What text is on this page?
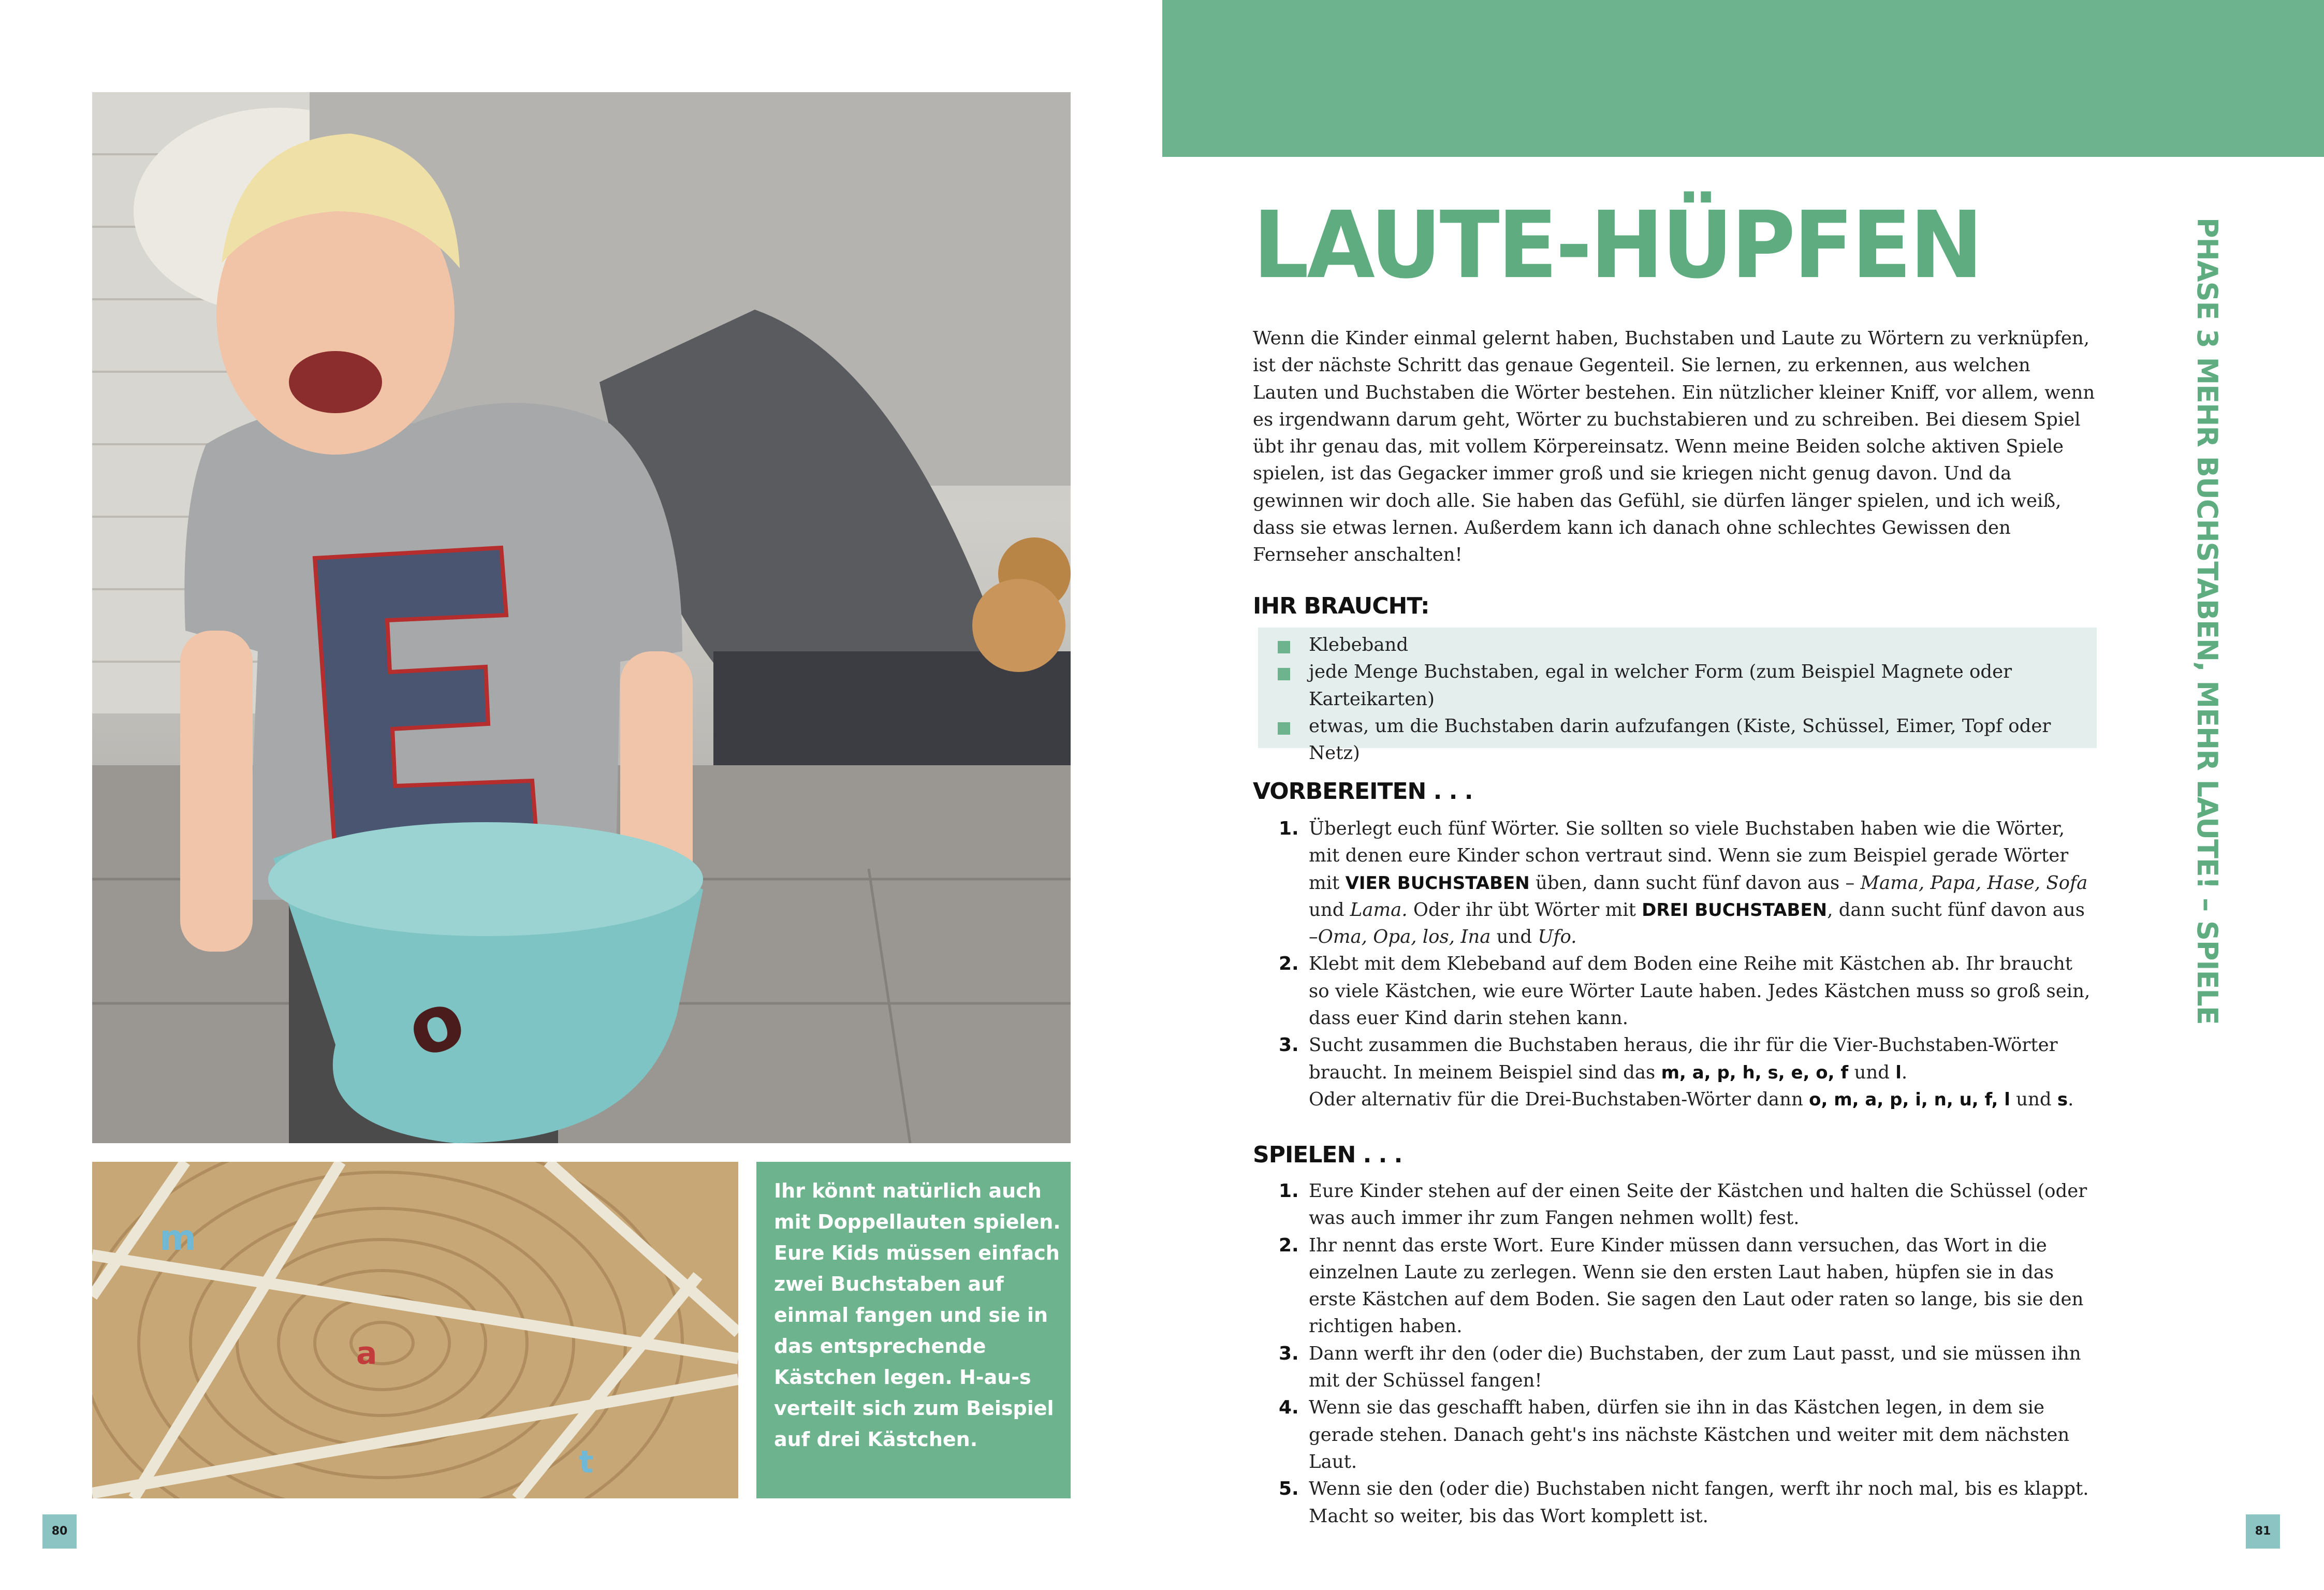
E
o
m
a
t
Ihr könnt natürlich auch mit Doppellauten spielen. Eure Kids müssen einfach zwei Buchstaben auf einmal fangen und sie in das entsprechende Kästchen legen. H-au-s verteilt sich zum Beispiel auf drei Kästchen.
80	81
LAUTE-HÜPFEN

Wenn die Kinder einmal gelernt haben, Buchstaben und Laute zu Wörtern zu verknüpfen, ist der nächste Schritt das genaue Gegenteil. Sie lernen, zu erkennen, aus welchen Lauten und Buchstaben die Wörter bestehen. Ein nützlicher kleiner Kniff, vor allem, wenn es irgendwann darum geht, Wörter zu buchstabieren und zu schreiben. Bei diesem Spiel übt ihr genau das, mit vollem Körpereinsatz. Wenn meine Beiden solche aktiven Spiele spielen, ist das Gegacker immer groß und sie kriegen nicht genug davon. Und da gewinnen wir doch alle. Sie haben das Gefühl, sie dürfen länger spielen, und ich weiß, dass sie etwas lernen. Außerdem kann ich danach ohne schlechtes Gewissen den Fernseher anschalten!

IHR BRAUCHT:
Klebeband
jede Menge Buchstaben, egal in welcher Form (zum Beispiel Magnete oder Karteikarten)
etwas, um die Buchstaben darin aufzufangen (Kiste, Schüssel, Eimer, Topf oder Netz)
VORBEREITEN . . .
1. Überlegt euch fünf Wörter. Sie sollten so viele Buchstaben haben wie die Wörter, mit denen eure Kinder schon vertraut sind. Wenn sie zum Beispiel gerade Wörter mit VIER BUCHSTABEN üben, dann sucht fünf davon aus – Mama, Papa, Hase, Sofa und Lama. Oder ihr übt Wörter mit DREI BUCHSTABEN, dann sucht fünf davon aus –Oma, Opa, los, Ina und Ufo.
2. Klebt mit dem Klebeband auf dem Boden eine Reihe mit Kästchen ab. Ihr braucht so viele Kästchen, wie eure Wörter Laute haben. Jedes Kästchen muss so groß sein, dass euer Kind darin stehen kann.
3. Sucht zusammen die Buchstaben heraus, die ihr für die Vier-Buchstaben-Wörter braucht. In meinem Beispiel sind das m, a, p, h, s, e, o, f und l.
Oder alternativ für die Drei-Buchstaben-Wörter dann o, m, a, p, i, n, u, f, l und s.
SPIELEN . . .
1. Eure Kinder stehen auf der einen Seite der Kästchen und halten die Schüssel (oder was auch immer ihr zum Fangen nehmen wollt) fest.
2. Ihr nennt das erste Wort. Eure Kinder müssen dann versuchen, das Wort in die einzelnen Laute zu zerlegen. Wenn sie den ersten Laut haben, hüpfen sie in das erste Kästchen auf dem Boden. Sie sagen den Laut oder raten so lange, bis sie den richtigen haben.
3. Dann werft ihr den (oder die) Buchstaben, der zum Laut passt, und sie müssen ihn mit der Schüssel fangen!
4. Wenn sie das geschafft haben, dürfen sie ihn in das Kästchen legen, in dem sie gerade stehen. Danach geht's ins nächste Kästchen und weiter mit dem nächsten Laut.
5. Wenn sie den (oder die) Buchstaben nicht fangen, werft ihr noch mal, bis es klappt. Macht so weiter, bis das Wort komplett ist.
PHASE 3 MEHR BUCHSTABEN, MEHR LAUTE! – SPIELE
